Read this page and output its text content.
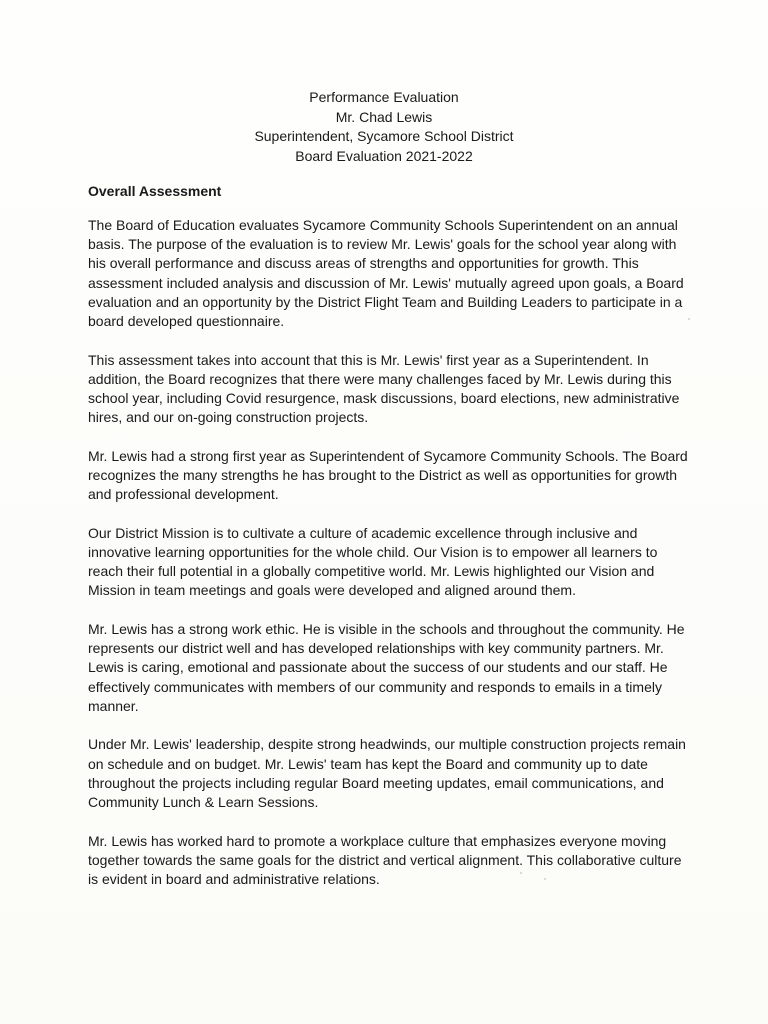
Performance Evaluation
Mr. Chad Lewis
Superintendent, Sycamore School District
Board Evaluation 2021-2022
Overall Assessment

The Board of Education evaluates Sycamore Community Schools Superintendent on an annual basis. The purpose of the evaluation is to review Mr. Lewis' goals for the school year along with his overall performance and discuss areas of strengths and opportunities for growth. This assessment included analysis and discussion of Mr. Lewis' mutually agreed upon goals, a Board evaluation and an opportunity by the District Flight Team and Building Leaders to participate in a board developed questionnaire.

This assessment takes into account that this is Mr. Lewis' first year as a Superintendent. In addition, the Board recognizes that there were many challenges faced by Mr. Lewis during this school year, including Covid resurgence, mask discussions, board elections, new administrative hires, and our on-going construction projects.

Mr. Lewis had a strong first year as Superintendent of Sycamore Community Schools. The Board recognizes the many strengths he has brought to the District as well as opportunities for growth and professional development.

Our District Mission is to cultivate a culture of academic excellence through inclusive and innovative learning opportunities for the whole child. Our Vision is to empower all learners to reach their full potential in a globally competitive world. Mr. Lewis highlighted our Vision and Mission in team meetings and goals were developed and aligned around them.

Mr. Lewis has a strong work ethic. He is visible in the schools and throughout the community. He represents our district well and has developed relationships with key community partners. Mr. Lewis is caring, emotional and passionate about the success of our students and our staff. He effectively communicates with members of our community and responds to emails in a timely manner.

Under Mr. Lewis' leadership, despite strong headwinds, our multiple construction projects remain on schedule and on budget. Mr. Lewis' team has kept the Board and community up to date throughout the projects including regular Board meeting updates, email communications, and Community Lunch & Learn Sessions.

Mr. Lewis has worked hard to promote a workplace culture that emphasizes everyone moving together towards the same goals for the district and vertical alignment. This collaborative culture is evident in board and administrative relations.
